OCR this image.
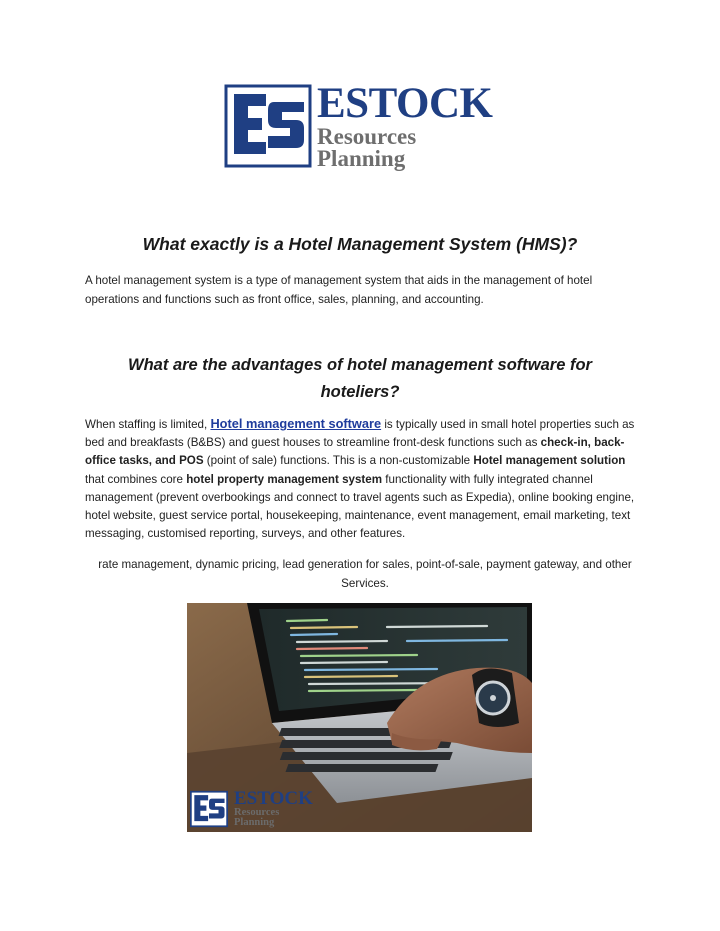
ESTOCK
Resources
Planning
What exactly is a Hotel Management System (HMS)?

A hotel management system is a type of management system that aids in the management of hotel operations and functions such as front office, sales, planning, and accounting.

What are the advantages of hotel management software for hoteliers?

When staffing is limited, Hotel management software is typically used in small hotel properties such as bed and breakfasts (B&BS) and guest houses to streamline front-desk functions such as check-in, back-office tasks, and POS (point of sale) functions. This is a non-customizable Hotel management solution that combines core hotel property management system functionality with fully integrated channel management (prevent overbookings and connect to travel agents such as Expedia), online booking engine, hotel website, guest service portal, housekeeping, maintenance, event management, email marketing, text messaging, customised reporting, surveys, and other features.

rate management, dynamic pricing, lead generation for sales, point-of-sale, payment gateway, and other Services.

ESTOCK
Resources
Planning
